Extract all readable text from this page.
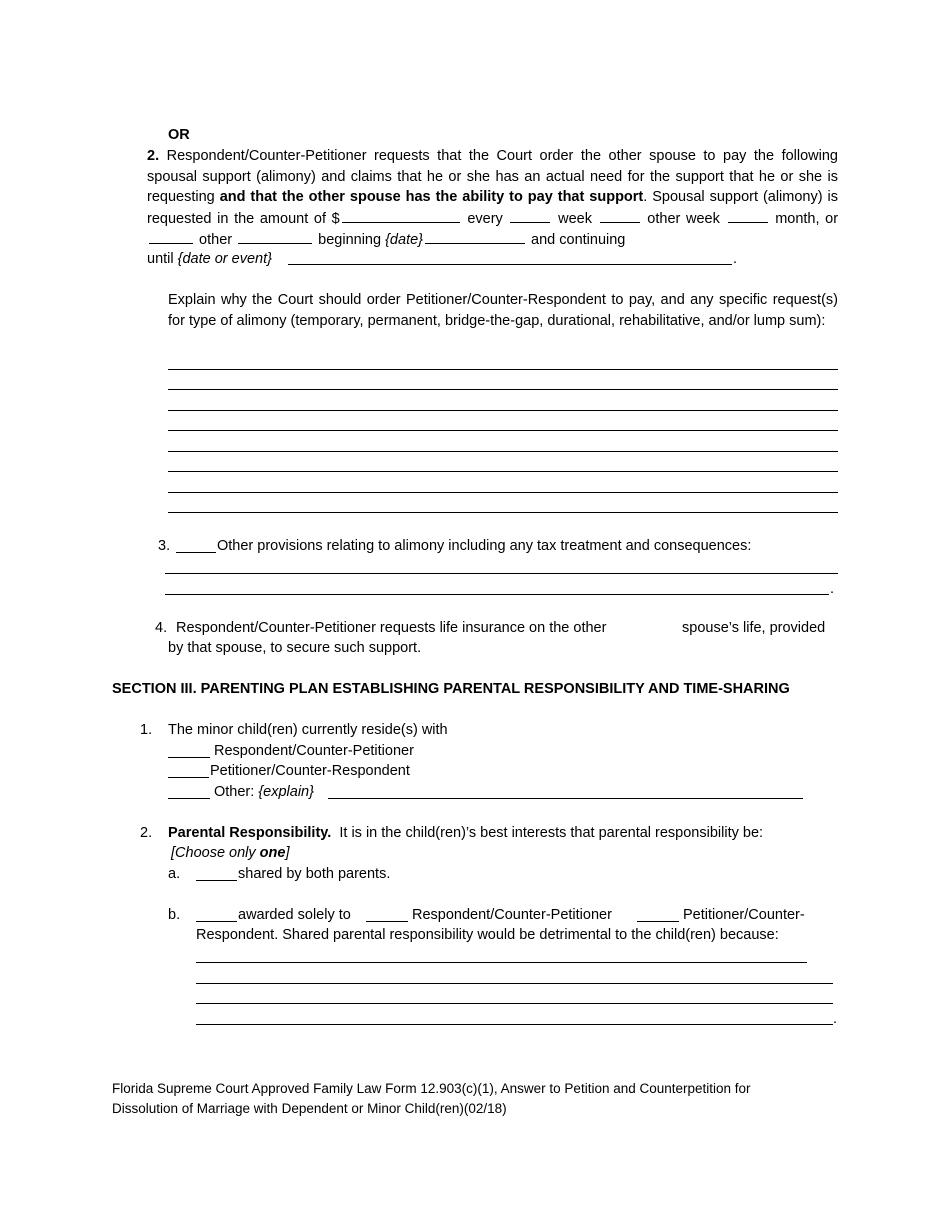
OR
2. Respondent/Counter-Petitioner requests that the Court order the other spouse to pay the following spousal support (alimony) and claims that he or she has an actual need for the support that he or she is requesting and that the other spouse has the ability to pay that support. Spousal support (alimony) is requested in the amount of $	every	week	other week	month, or  other	beginning {date}	and continuing
until {date or event}	.
Explain why the Court should order Petitioner/Counter-Respondent to pay, and any specific request(s) for type of alimony (temporary, permanent, bridge-the-gap, durational, rehabilitative, and/or lump sum):
3.	Other provisions relating to alimony including any tax treatment and consequences:
.
4. Respondent/Counter-Petitioner requests life insurance on the other	spouse’s life, provided
by that spouse, to secure such support.
SECTION III. PARENTING PLAN ESTABLISHING PARENTAL RESPONSIBILITY AND TIME-SHARING
1. The minor child(ren) currently reside(s) with
Respondent/Counter-Petitioner
Petitioner/Counter-Respondent
Other: {explain}
2. Parental Responsibility. It is in the child(ren)’s best interests that parental responsibility be:
[Choose only one]
a.	shared by both parents.
b.	awarded solely to	Respondent/Counter-Petitioner	Petitioner/Counter-
Respondent. Shared parental responsibility would be detrimental to the child(ren) because:
.
Florida Supreme Court Approved Family Law Form 12.903(c)(1), Answer to Petition and Counterpetition for
Dissolution of Marriage with Dependent or Minor Child(ren)(02/18)
